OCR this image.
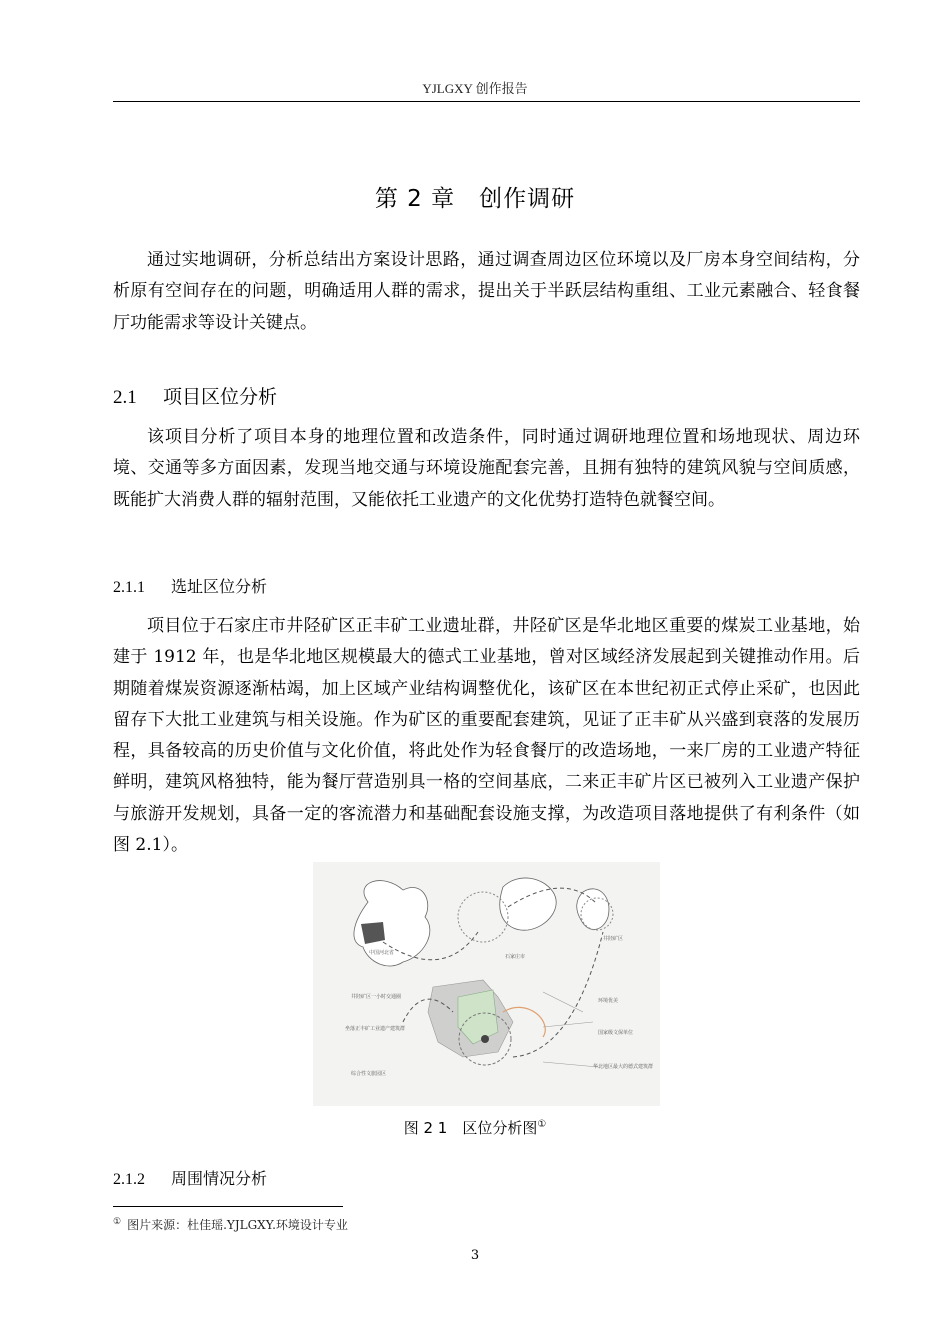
YJLGXY 创作报告
第 2 章　创作调研

通过实地调研，分析总结出方案设计思路，通过调查周边区位环境以及厂房本身空间结构，分析原有空间存在的问题，明确适用人群的需求，提出关于半跃层结构重组、工业元素融合、轻食餐厅功能需求等设计关键点。

2.1 项目区位分析

该项目分析了项目本身的地理位置和改造条件，同时通过调研地理位置和场地现状、周边环境、交通等多方面因素，发现当地交通与环境设施配套完善，且拥有独特的建筑风貌与空间质感，既能扩大消费人群的辐射范围，又能依托工业遗产的文化优势打造特色就餐空间。

2.1.1 选址区位分析

项目位于石家庄市井陉矿区正丰矿工业遗址群，井陉矿区是华北地区重要的煤炭工业基地，始建于 1912 年，也是华北地区规模最大的德式工业基地，曾对区域经济发展起到关键推动作用。后期随着煤炭资源逐渐枯竭，加上区域产业结构调整优化，该矿区在本世纪初正式停止采矿，也因此留存下大批工业建筑与相关设施。作为矿区的重要配套建筑，见证了正丰矿从兴盛到衰落的发展历程，具备较高的历史价值与文化价值，将此处作为轻食餐厅的改造场地，一来厂房的工业遗产特征鲜明，建筑风格独特，能为餐厅营造别具一格的空间基底，二来正丰矿片区已被列入工业遗产保护与旅游开发规划，具备一定的客流潜力和基础配套设施支撑，为改造项目落地提供了有利条件（如图 2.1）。

中国河北省
石家庄市
井陉矿区
井陉矿区一小时交通圈
坐落正丰矿工业遗产建筑群
综合性文旅园区
环境优美
国家级文保单位
华北地区最大的德式建筑群
图 2 1　区位分析图①
2.1.2 周围情况分析
① 图片来源：杜佳瑶.YJLGXY.环境设计专业
3
